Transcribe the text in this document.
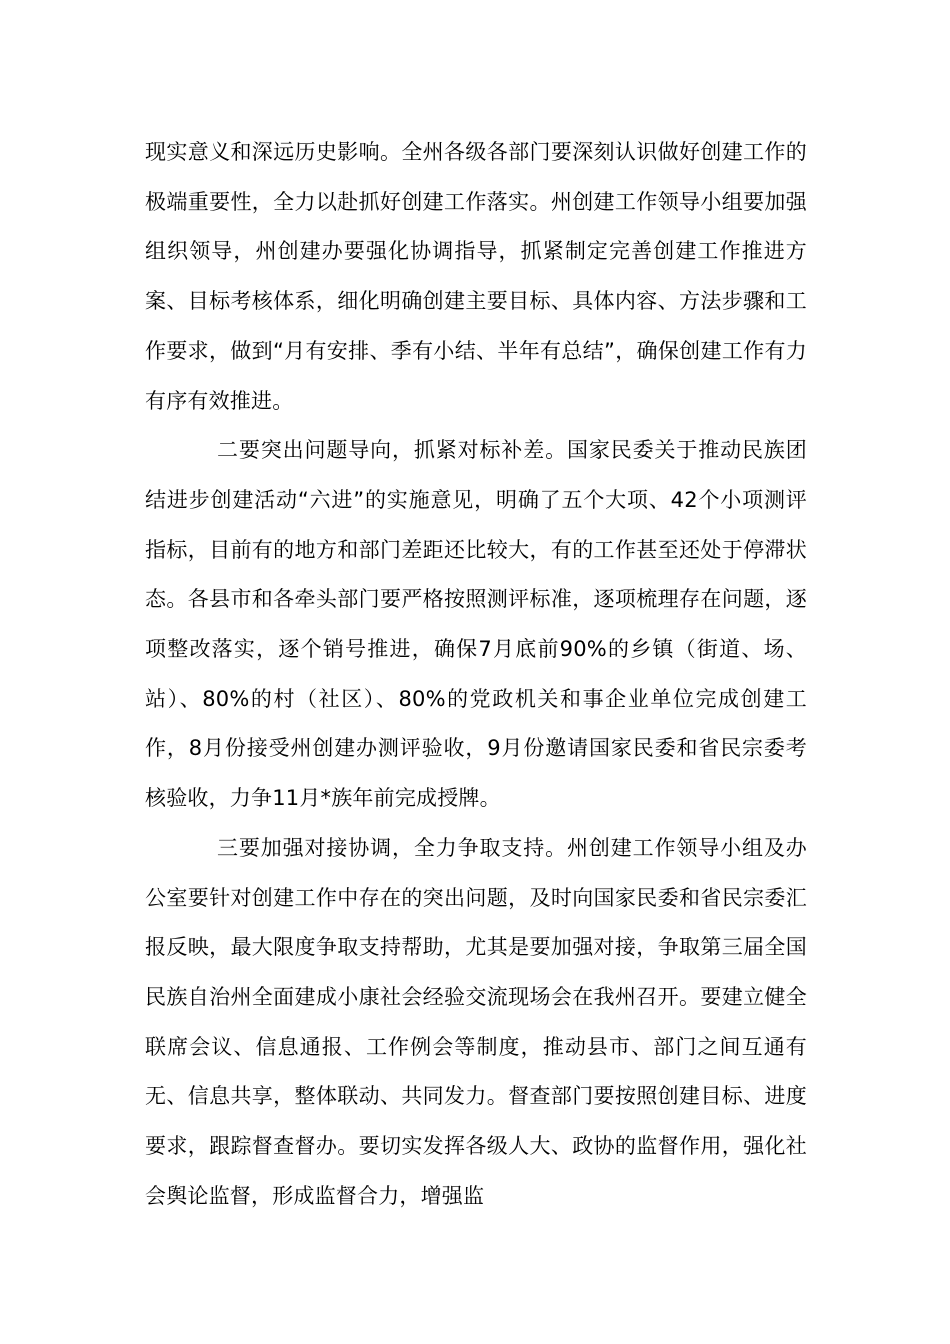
现实意义和深远历史影响。全州各级各部门要深刻认识做好创建工作的极端重要性，全力以赴抓好创建工作落实。州创建工作领导小组要加强组织领导，州创建办要强化协调指导，抓紧制定完善创建工作推进方案、目标考核体系，细化明确创建主要目标、具体内容、方法步骤和工作要求，做到“月有安排、季有小结、半年有总结”，确保创建工作有力有序有效推进。

二要突出问题导向，抓紧对标补差。国家民委关于推动民族团结进步创建活动“六进”的实施意见，明确了五个大项、42个小项测评指标，目前有的地方和部门差距还比较大，有的工作甚至还处于停滞状态。各县市和各牵头部门要严格按照测评标准，逐项梳理存在问题，逐项整改落实，逐个销号推进，确保7月底前90%的乡镇（街道、场、站）、80%的村（社区）、80%的党政机关和事企业单位完成创建工作，8月份接受州创建办测评验收，9月份邀请国家民委和省民宗委考核验收，力争11月*族年前完成授牌。

三要加强对接协调，全力争取支持。州创建工作领导小组及办公室要针对创建工作中存在的突出问题，及时向国家民委和省民宗委汇报反映，最大限度争取支持帮助，尤其是要加强对接，争取第三届全国民族自治州全面建成小康社会经验交流现场会在我州召开。要建立健全联席会议、信息通报、工作例会等制度，推动县市、部门之间互通有无、信息共享，整体联动、共同发力。督查部门要按照创建目标、进度要求，跟踪督查督办。要切实发挥各级人大、政协的监督作用，强化社会舆论监督，形成监督合力，增强监
